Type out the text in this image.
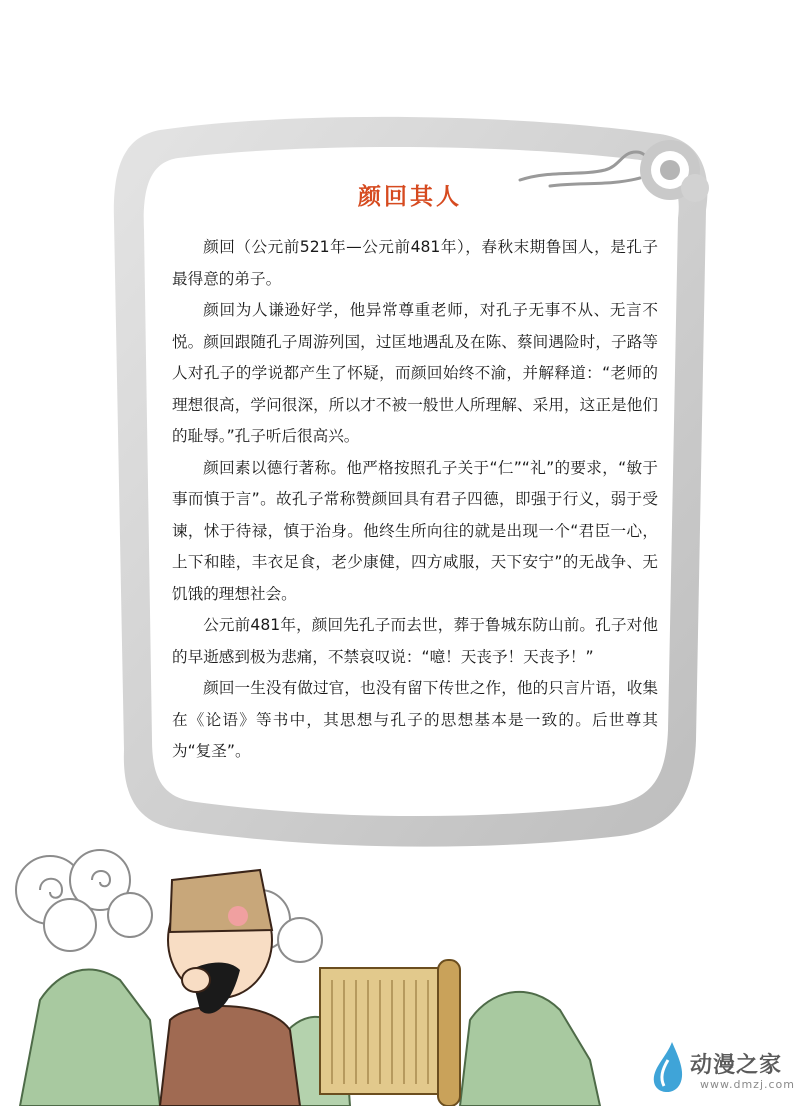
颜回其人

颜回（公元前521年—公元前481年），春秋末期鲁国人，是孔子最得意的弟子。

颜回为人谦逊好学，他异常尊重老师，对孔子无事不从、无言不悦。颜回跟随孔子周游列国，过匡地遇乱及在陈、蔡间遇险时，子路等人对孔子的学说都产生了怀疑，而颜回始终不渝，并解释道：“老师的理想很高，学问很深，所以才不被一般世人所理解、采用，这正是他们的耻辱。”孔子听后很高兴。

颜回素以德行著称。他严格按照孔子关于“仁”“礼”的要求，“敏于事而慎于言”。故孔子常称赞颜回具有君子四德，即强于行义，弱于受谏，怵于待禄，慎于治身。他终生所向往的就是出现一个“君臣一心，上下和睦，丰衣足食，老少康健，四方咸服，天下安宁”的无战争、无饥饿的理想社会。

公元前481年，颜回先孔子而去世，葬于鲁城东防山前。孔子对他的早逝感到极为悲痛，不禁哀叹说：“噫！天丧予！天丧予！”

颜回一生没有做过官，也没有留下传世之作，他的只言片语，收集在《论语》等书中，其思想与孔子的思想基本是一致的。后世尊其为“复圣”。

动漫之家
www.dmzj.com
